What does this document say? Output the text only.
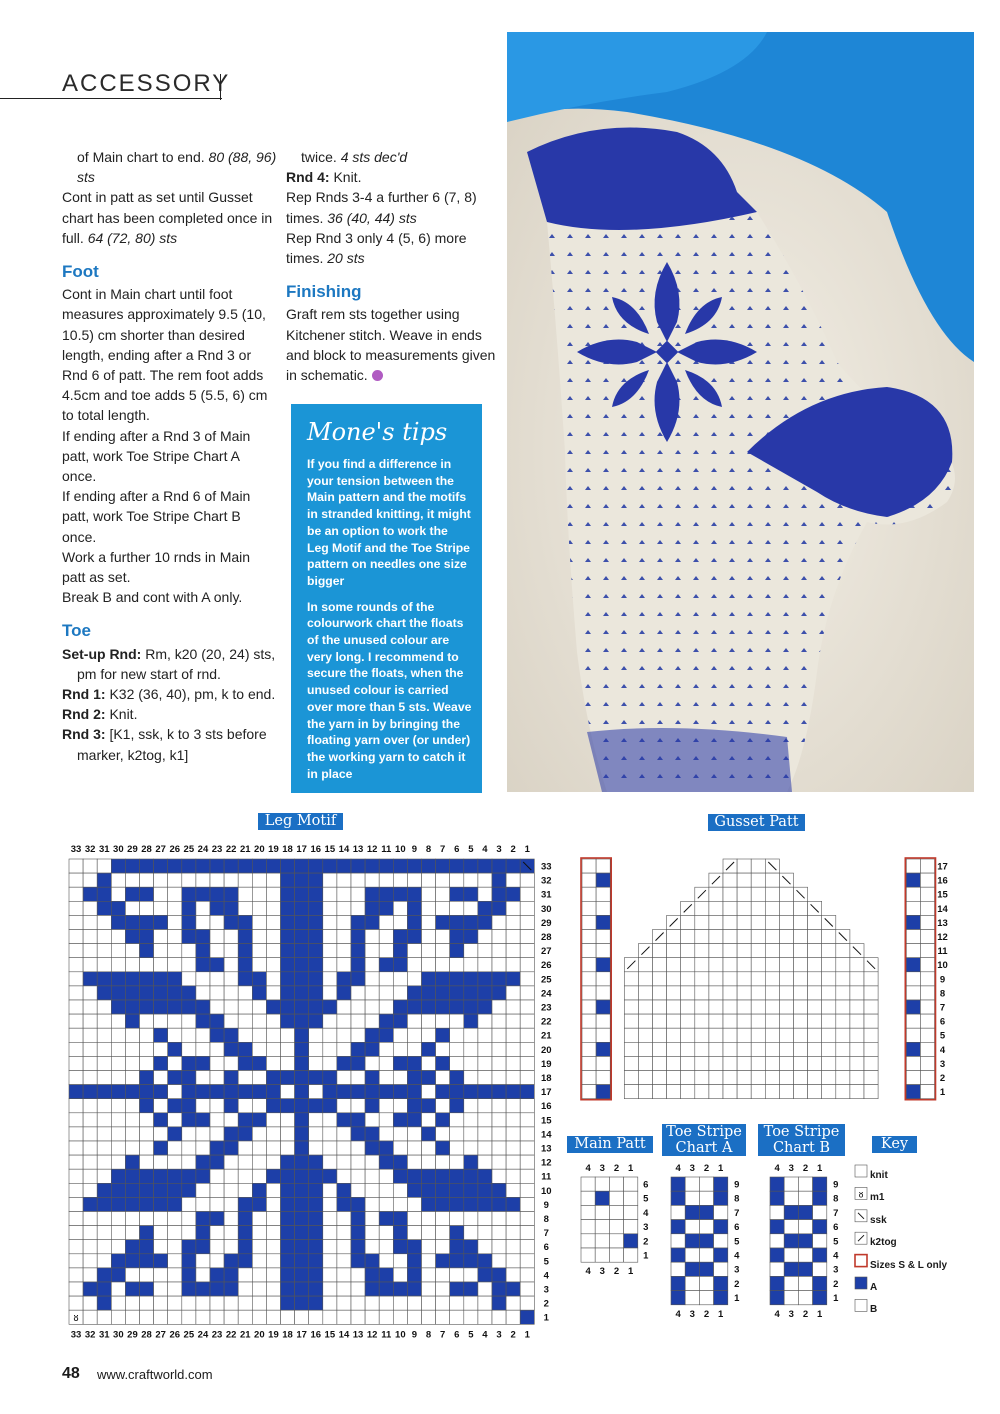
ACCESSORY

of Main chart to end. 80 (88, 96) sts

Cont in patt as set until Gusset chart has been completed once in full. 64 (72, 80) sts

Foot

Cont in Main chart until foot measures approximately 9.5 (10, 10.5) cm shorter than desired length, ending after a Rnd 3 or Rnd 6 of patt. The rem foot adds 4.5cm and toe adds 5 (5.5, 6) cm to total length.

If ending after a Rnd 3 of Main patt, work Toe Stripe Chart A once.

If ending after a Rnd 6 of Main patt, work Toe Stripe Chart B once.

Work a further 10 rnds in Main patt as set.

Break B and cont with A only.

Toe

Set-up Rnd: Rm, k20 (20, 24) sts, pm for new start of rnd.

Rnd 1: K32 (36, 40), pm, k to end.

Rnd 2: Knit.

Rnd 3: [K1, ssk, k to 3 sts before marker, k2tog, k1]

twice. 4 sts dec'd

Rnd 4: Knit.

Rep Rnds 3-4 a further 6 (7, 8) times. 36 (40, 44) sts

Rep Rnd 3 only 4 (5, 6) more times. 20 sts

Finishing

Graft rem sts together using Kitchener stitch. Weave in ends and block to measurements given in schematic.

Mone's tips

If you find a difference in your tension between the Main pattern and the motifs in stranded knitting, it might be an option to work the Leg Motif and the Toe Stripe pattern on needles one size bigger

In some rounds of the colourwork chart the floats of the unused colour are very long. I recommend to secure the floats, when the unused colour is carried over more than 5 sts. Weave the yarn in by bringing the floating yarn over (or under) the working yarn to catch it in place

Leg Motif	Gusset Patt
Main Patt
Toe Stripe
Chart A
Toe Stripe
Chart B	Key
33
32
31
30
29
28
27
26
25
24
23
22
21
20
19
18
17
16
15
14
13
12
11
10
9
8
7
6
5
4
3
2
1
ᴕ
33
33
32
32
31
31
30
30
29
29
28
28
27
27
26
26
25
25
24
24
23
23
22
22
21
21
20
20
19
19
18
18
17
17
16
16
15
15
14
14
13
13
12
12
11
11
10
10
9
9
8
8
7
7
6
6
5
5
4
4
3
3
2
2
1
1
17
16
15
14
13
12
11
10
9
8
7
6
5
4
3
2
1
6
5
4
3
2
1
4
4
3
3
2
2
1
1
9
8
7
6
5
4
3
2
1
4
4
3
3
2
2
1
1
9
8
7
6
5
4
3
2
1
4
4
3
3
2
2
1
1
ᴕ
knit
m1
ssk
k2tog
Sizes S & L only
A
B
48 www.craftworld.com
